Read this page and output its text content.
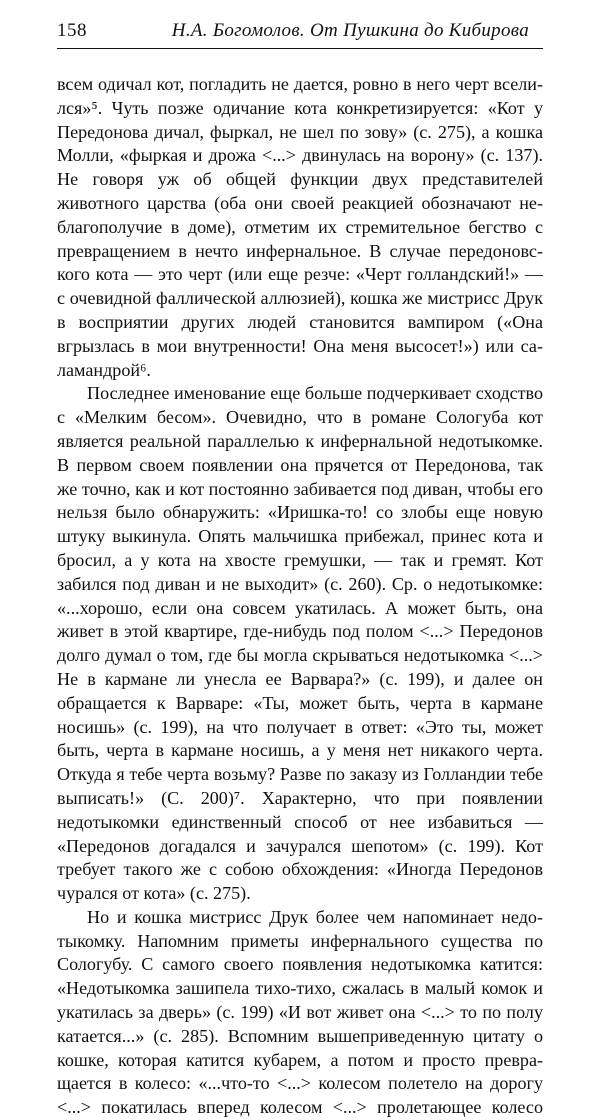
158	Н.А. Богомолов. От Пушкина до Кибирова

всем одичал кот, погладить не дается, ровно в него черт вселился»⁵. Чуть позже одичание кота конкретизируется: «Кот у Передонова дичал, фыркал, не шел по зову» (с. 275), а кошка Молли, «фыркая и дрожа <...> двинулась на ворону» (с. 137). Не говоря уж об общей функции двух представителей животного царства (оба они своей реакцией обозначают неблагополучие в доме), отметим их стремительное бегство с превращением в нечто инфернальное. В случае передоновского кота — это черт (или еще резче: «Черт голландский!» — с очевидной фаллической аллюзией), кошка же мистрисс Друк в восприятии других людей становится вампиром («Она вгрызлась в мои внутренности! Она меня высосет!») или саламандрой⁶.

Последнее именование еще больше подчеркивает сходство с «Мелким бесом». Очевидно, что в романе Сологуба кот является реальной параллелью к инфернальной недотыкомке. В первом своем появлении она прячется от Передонова, так же точно, как и кот постоянно забивается под диван, чтобы его нельзя было обнаружить: «Иришка-то! со злобы еще новую штуку выкинула. Опять мальчишка прибежал, принес кота и бросил, а у кота на хвосте гремушки, — так и гремят. Кот забился под диван и не выходит» (с. 260). Ср. о недотыкомке: «...хорошо, если она совсем укатилась. А может быть, она живет в этой квартире, где-нибудь под полом <...> Передонов долго думал о том, где бы могла скрываться недотыкомка <...> Не в кармане ли унесла ее Варвара?» (с. 199), и далее он обращается к Варваре: «Ты, может быть, черта в кармане носишь» (с. 199), на что получает в ответ: «Это ты, может быть, черта в кармане носишь, а у меня нет никакого черта. Откуда я тебе черта возьму? Разве по заказу из Голландии тебе выписать!» (С. 200)⁷. Характерно, что при появлении недотыкомки единственный способ от нее избавиться — «Передонов догадался и зачурался шепотом» (с. 199). Кот требует такого же с собою обхождения: «Иногда Передонов чурался от кота» (с. 275).

Но и кошка мистрисс Друк более чем напоминает недотыкомку. Напомним приметы инфернального существа по Сологубу. С самого своего появления недотыкомка катится: «Недотыкомка зашипела тихо-тихо, сжалась в малый комок и укатилась за дверь» (с. 199) «И вот живет она <...> то по полу катается...» (с. 285). Вспомним вышеприведенную цитату о кошке, которая катится кубарем, а потом и просто превращается в колесо: «...что-то <...> колесом полетело на дорогу <...> покатилась вперед колесом <...> пролетающее колесо
